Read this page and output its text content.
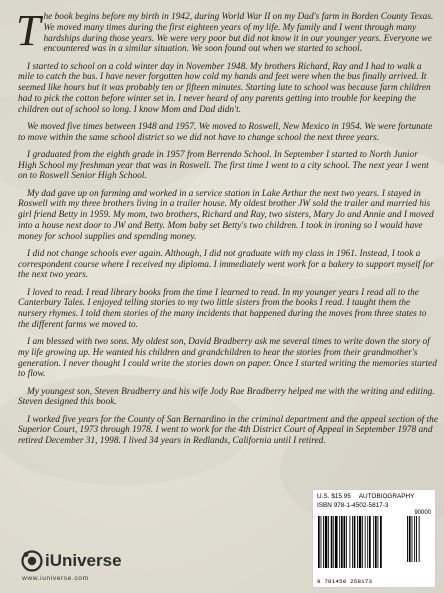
The book begins before my birth in 1942, during World War II on my Dad's farm in Borden County Texas. We moved many times during the first eighteen years of my life. My family and I went through many hardships during those years. We were very poor but did not know it in our younger years. Everyone we encountered was in a similar situation. We soon found out when we started to school.

I started to school on a cold winter day in November 1948. My brothers Richard, Ray and I had to walk a mile to catch the bus. I have never forgotten how cold my hands and feet were when the bus finally arrived. It seemed like hours but it was probably ten or fifteen minutes. Starting late to school was because farm children had to pick the cotton before winter set in. I never heard of any parents getting into trouble for keeping the children out of school so long. I know Mom and Dad didn't.

We moved five times between 1948 and 1957. We moved to Roswell, New Mexico in 1954. We were fortunate to move within the same school district so we did not have to change school the next three years.

I graduated from the eighth grade in 1957 from Berrendo School. In September I started to North Junior High School my freshman year that was in Roswell. The first time I went to a city school. The next year I went on to Roswell Senior High School.

My dad gave up on farming and worked in a service station in Lake Arthur the next two years. I stayed in Roswell with my three brothers living in a trailer house. My oldest brother JW sold the trailer and married his girl friend Betty in 1959. My mom, two brothers, Richard and Ray, two sisters, Mary Jo and Annie and I moved into a house next door to JW and Betty. Mom baby set Betty's two children. I took in ironing so I would have money for school supplies and spending money.

I did not change schools ever again. Although, I did not graduate with my class in 1961. Instead, I took a correspondent course where I received my diploma. I immediately went work for a bakery to support myself for the next two years.

I loved to read. I read library books from the time I learned to read. In my younger years I read all to the Canterbury Tales. I enjoyed telling stories to my two little sisters from the books I read. I taught them the nursery rhymes. I told them stories of the many incidents that happened during the moves from three states to the different farms we moved to.

I am blessed with two sons. My oldest son, David Bradberry ask me several times to write down the story of my life growing up. He wanted his children and grandchildren to hear the stories from their grandmother's generation. I never thought I could write the stories down on paper. Once I started writing the memories started to flow.

My youngest son, Steven Bradberry and his wife Jody Rae Bradberry helped me with the writing and editing. Steven designed this book.

I worked five years for the County of San Bernardino in the criminal department and the appeal section of the Superior Court, 1973 through 1978. I went to work for the 4th District Court of Appeal in September 1978 and retired December 31, 1998. I lived 34 years in Redlands, California until I retired.

U.S. $15.95 AUTOBIOGRAPHY
ISBN 978-1-4502-5817-3
90000
9 781450 258173
iUniverse
www.iuniverse.com
